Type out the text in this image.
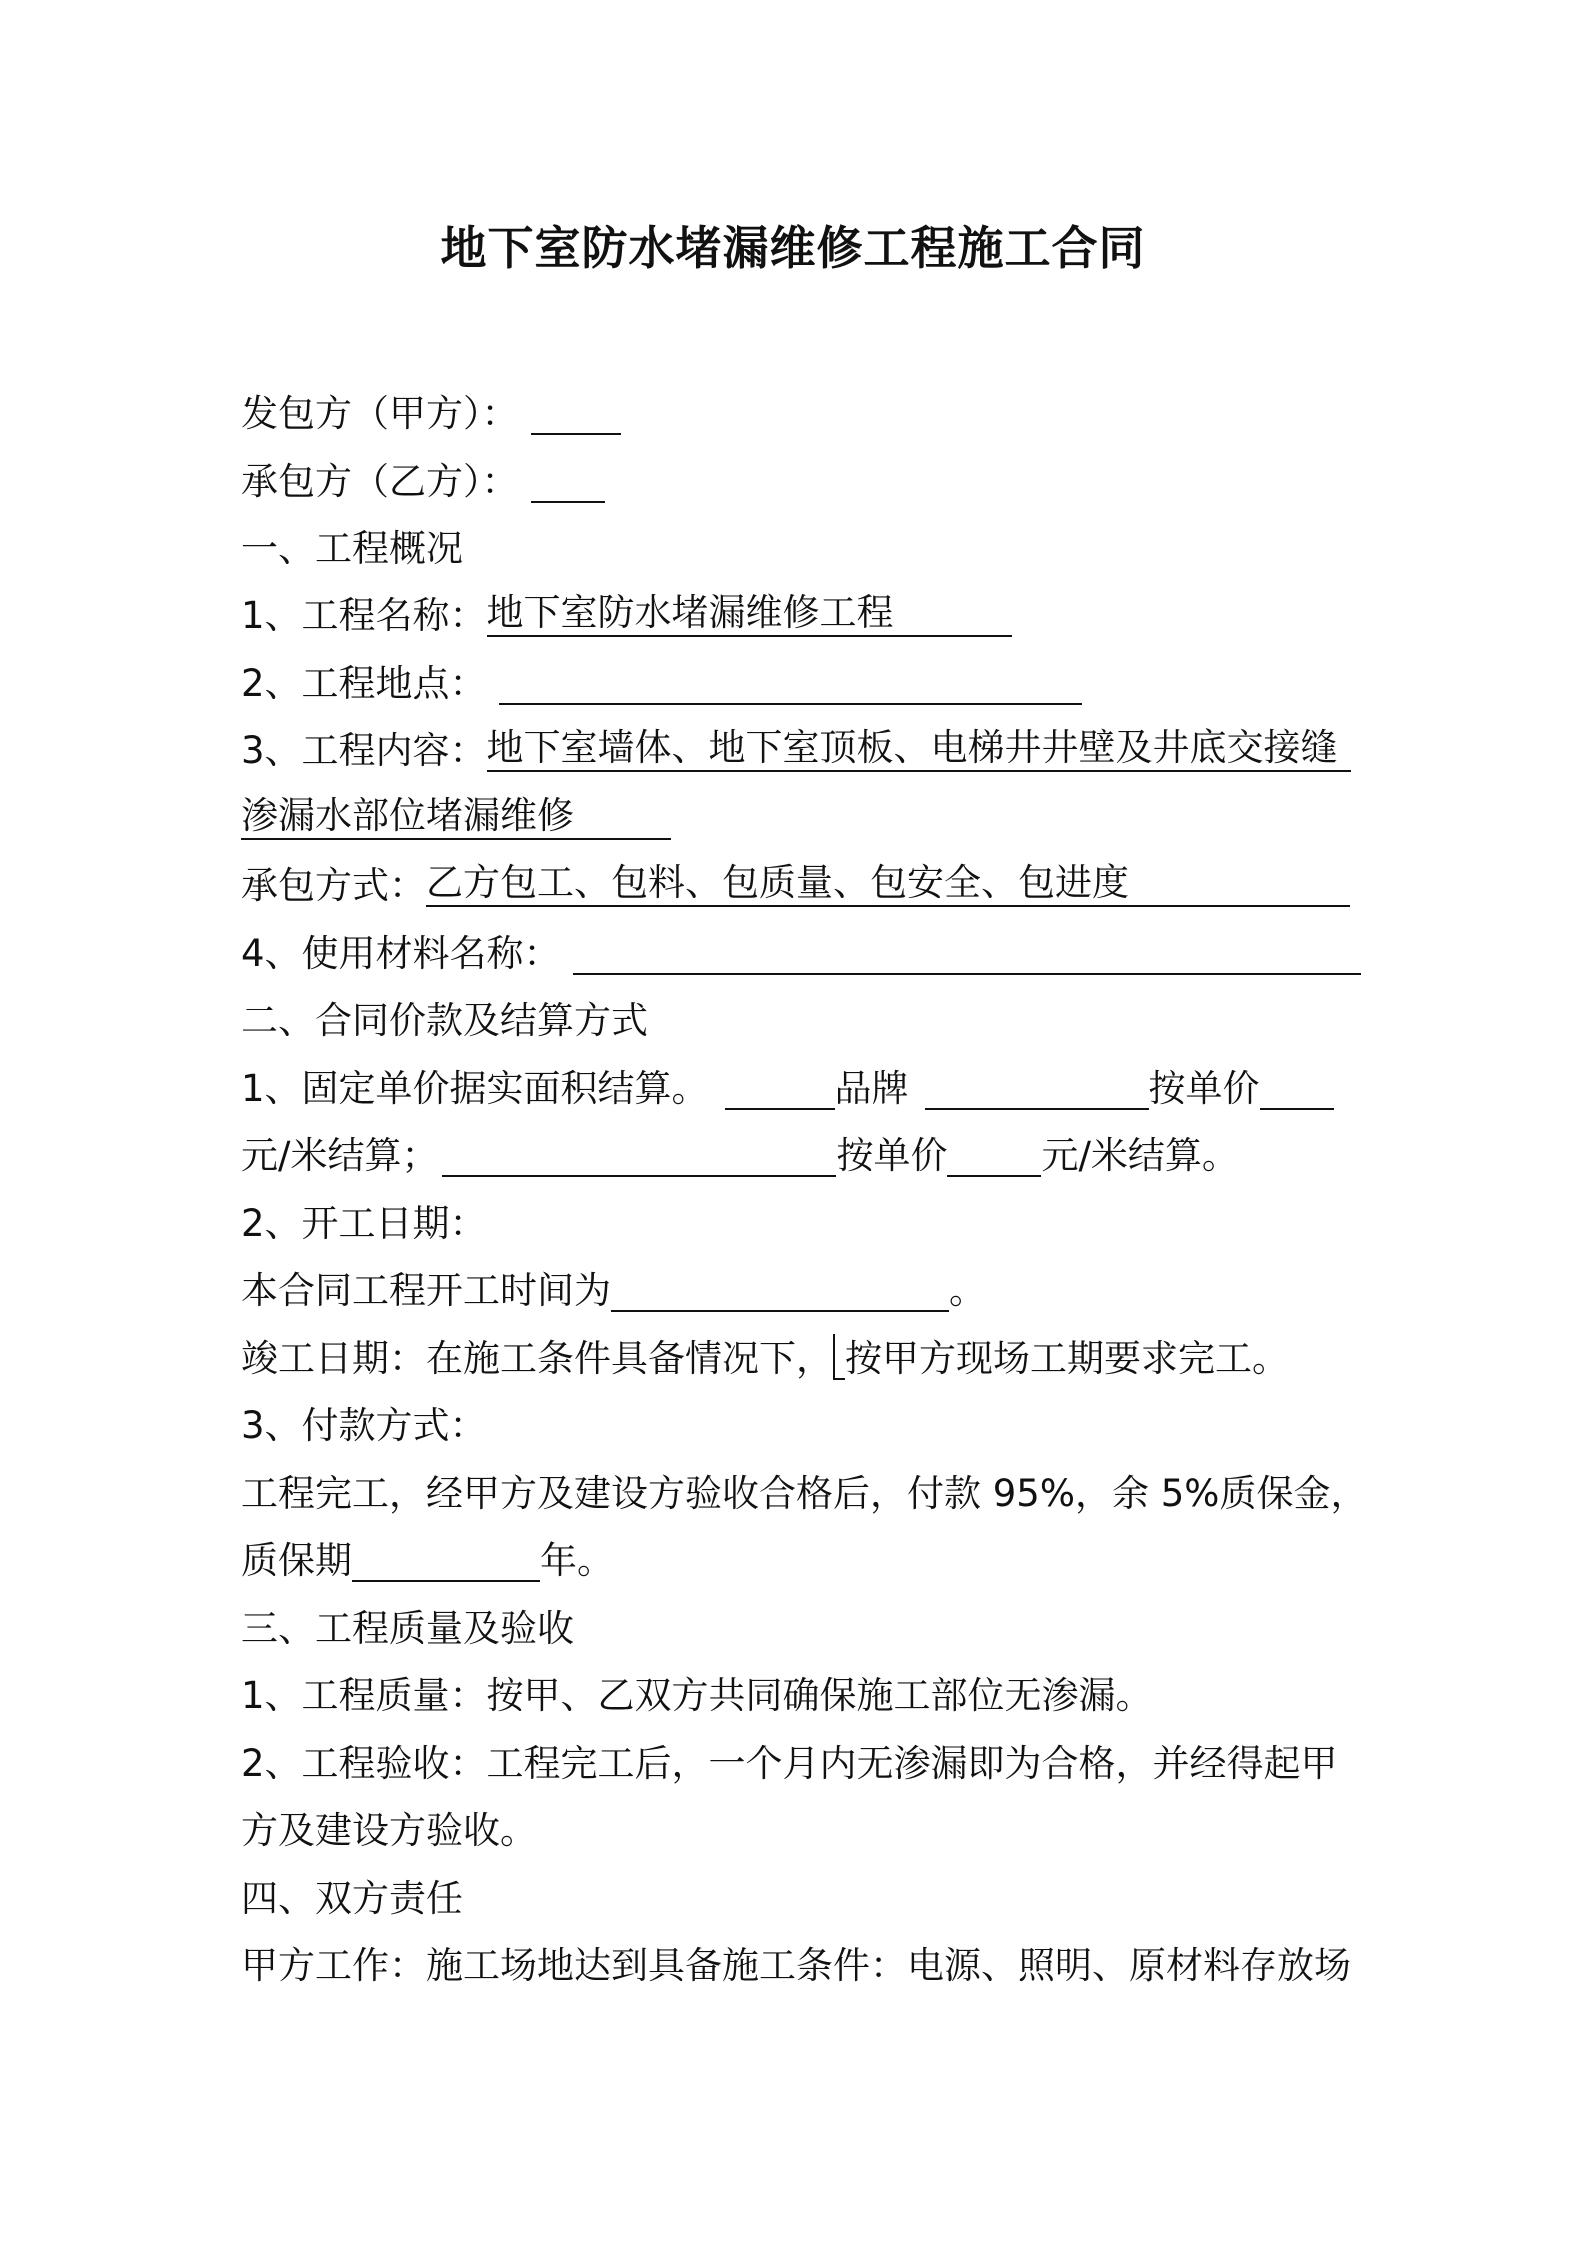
地下室防水堵漏维修工程施工合同
发包方（甲方）：
承包方（乙方）：
一、工程概况
1、工程名称：地下室防水堵漏维修工程
2、工程地点：
3、工程内容：地下室墙体、地下室顶板、电梯井井壁及井底交接缝
渗漏水部位堵漏维修
承包方式：乙方包工、包料、包质量、包安全、包进度
4、使用材料名称：
二、合同价款及结算方式
1、固定单价据实面积结算。	品牌	按单价
元/米结算；	按单价	元/米结算。
2、开工日期：
本合同工程开工时间为	。
竣工日期：在施工条件具备情况下， 按甲方现场工期要求完工。
3、付款方式：
工程完工，经甲方及建设方验收合格后，付款 95%，余 5%质保金，
质保期	年。
三、工程质量及验收
1、工程质量：按甲、乙双方共同确保施工部位无渗漏。
2、工程验收：工程完工后，一个月内无渗漏即为合格，并经得起甲
方及建设方验收。
四、双方责任
甲方工作：施工场地达到具备施工条件：电源、照明、原材料存放场
